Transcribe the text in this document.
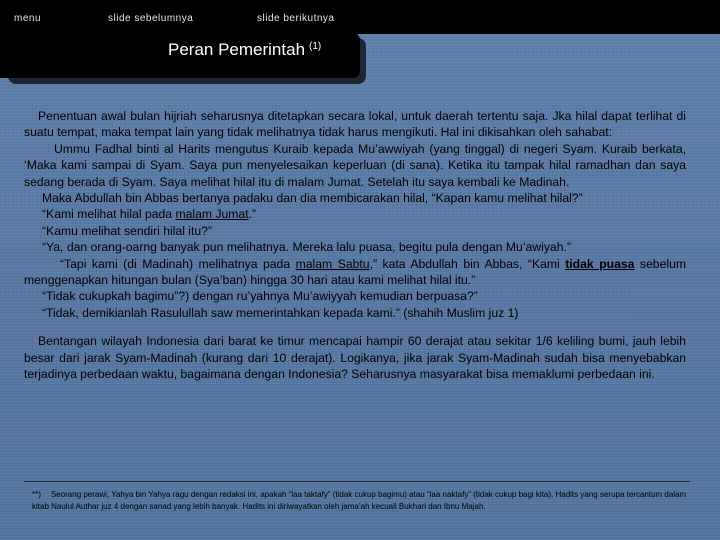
menu	slide sebelumnya	slide berikutnya
Peran Pemerintah $^{(1)}$

Penentuan awal bulan hijriah seharusnya ditetapkan secara lokal, untuk daerah tertentu saja. Jka hilal dapat terlihat di suatu tempat, maka tempat lain yang tidak melihatnya tidak harus mengikuti. Hal ini dikisahkan oleh sahabat:

Ummu Fadhal binti al Harits mengutus Kuraib kepada Mu’awwiyah (yang tinggal) di negeri Syam. Kuraib berkata, ‘Maka kami sampai di Syam. Saya pun menyelesaikan keperluan (di sana). Ketika itu tampak hilal ramadhan dan saya sedang berada di Syam. Saya melihat hilal itu di malam Jumat. Setelah itu saya kembali ke Madinah.

Maka Abdullah bin Abbas bertanya padaku dan dia membicarakan hilal, “Kapan kamu melihat hilal?”

“Kami melihat hilal pada malam Jumat.”

“Kamu melihat sendiri hilal itu?”

“Ya, dan orang-oarng banyak pun melihatnya. Mereka lalu puasa, begitu pula dengan Mu’awiyah.”

“Tapi kami (di Madinah) melihatnya pada malam Sabtu,” kata Abdullah bin Abbas, “Kami tidak puasa sebelum menggenapkan hitungan bulan (Sya’ban) hingga 30 hari atau kami melihat hilal itu.”

“Tidak cukupkah bagimu”?) dengan ru’yahnya Mu’awiyyah kemudian berpuasa?”

“Tidak, demikianlah Rasulullah saw memerintahkan kepada kami.” (shahih Muslim juz 1)

Bentangan wilayah Indonesia dari barat ke timur mencapai hampir 60 derajat atau sekitar 1/6 keliling bumi, jauh lebih besar dari jarak Syam-Madinah (kurang dari 10 derajat). Logikanya, jika jarak Syam-Madinah sudah bisa menyebabkan terjadinya perbedaan waktu, bagaimana dengan Indonesia? Seharusnya masyarakat bisa memaklumi perbedaan ini.

**) Seorang perawi, Yahya bin Yahya ragu dengan redaksi ini, apakah “laa taktafy” (tidak cukup bagimu) atau “laa naktafy” (tidak cukup bagi kita). Hadits yang serupa tercantum dalam kitab Naulul Authar juz 4 dengan sanad yang lebih banyak. Hadits ini diriwayatkan oleh jama’ah kecuali Bukhari dan Ibnu Majah.
